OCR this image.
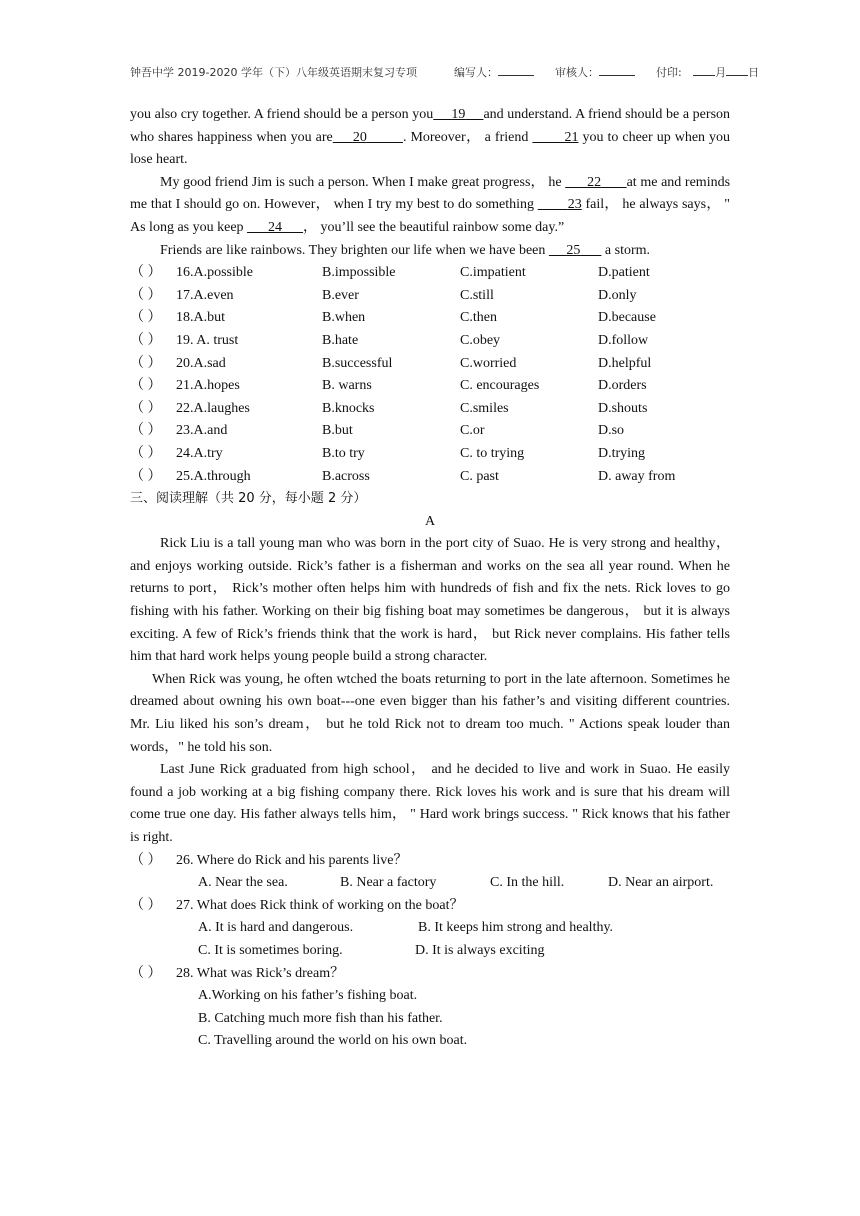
钟吾中学 2019-2020 学年（下）八年级英语期末复习专项	编写人：	审核人：	付印:	月 日

you also cry together. A friend should be a person you 19 and understand. A friend should be a person who shares happiness when you are 20	. Moreover， a friend	21 you to cheer up when you lose heart.

My good friend Jim is such a person. When I make great progress， he 22 at me and reminds me that I should go on. However， when I try my best to do something 23 fail， he always says， " As long as you keep 24 ， you’ll see the beautiful rainbow some day.”

Friends are like rainbows. They brighten our life when we have been 25 a storm.

（ ）	16.A.possible	B.impossible	C.impatient	D.patient
（ ）	17.A.even	B.ever	C.still	D.only
（ ）	18.A.but	B.when	C.then	D.because
（ ）	19. A. trust	B.hate	C.obey	D.follow
（ ）	20.A.sad	B.successful	C.worried	D.helpful
（ ）	21.A.hopes	B. warns	C. encourages	D.orders
（ ）	22.A.laughes	B.knocks	C.smiles	D.shouts
（ ）	23.A.and	B.but	C.or	D.so
（ ）	24.A.try	B.to try	C. to trying	D.trying
（ ）	25.A.through	B.across	C. past	D. away from

三、阅读理解（共 20 分，每小题 2 分）

A

Rick Liu is a tall young man who was born in the port city of Suao. He is very strong and healthy， and enjoys working outside. Rick’s father is a fisherman and works on the sea all year round. When he returns to port， Rick’s mother often helps him with hundreds of fish and fix the nets. Rick loves to go fishing with his father. Working on their big fishing boat may sometimes be dangerous， but it is always exciting. A few of Rick’s friends think that the work is hard， but Rick never complains. His father tells him that hard work helps young people build a strong character.

When Rick was young, he often wtched the boats returning to port in the late afternoon. Sometimes he dreamed about owning his own boat---one even bigger than his father’s and visiting different countries. Mr. Liu liked his son’s dream， but he told Rick not to dream too much. " Actions speak louder than words，" he told his son.

Last June Rick graduated from high school， and he decided to live and work in Suao. He easily found a job working at a big fishing company there. Rick loves his work and is sure that his dream will come true one day. His father always tells him， " Hard work brings success. " Rick knows that his father is right.

（ ） 26. Where do Rick and his parents live？
A. Near the sea.	B. Near a factory	C. In the hill.	D. Near an airport.
（ ） 27. What does Rick think of working on the boat？
A. It is hard and dangerous.	B. It keeps him strong and healthy.
C. It is sometimes boring.	D. It is always exciting
（ ） 28. What was Rick’s dream？
A.Working on his father’s fishing boat.
B. Catching much more fish than his father.
C. Travelling around the world on his own boat.
